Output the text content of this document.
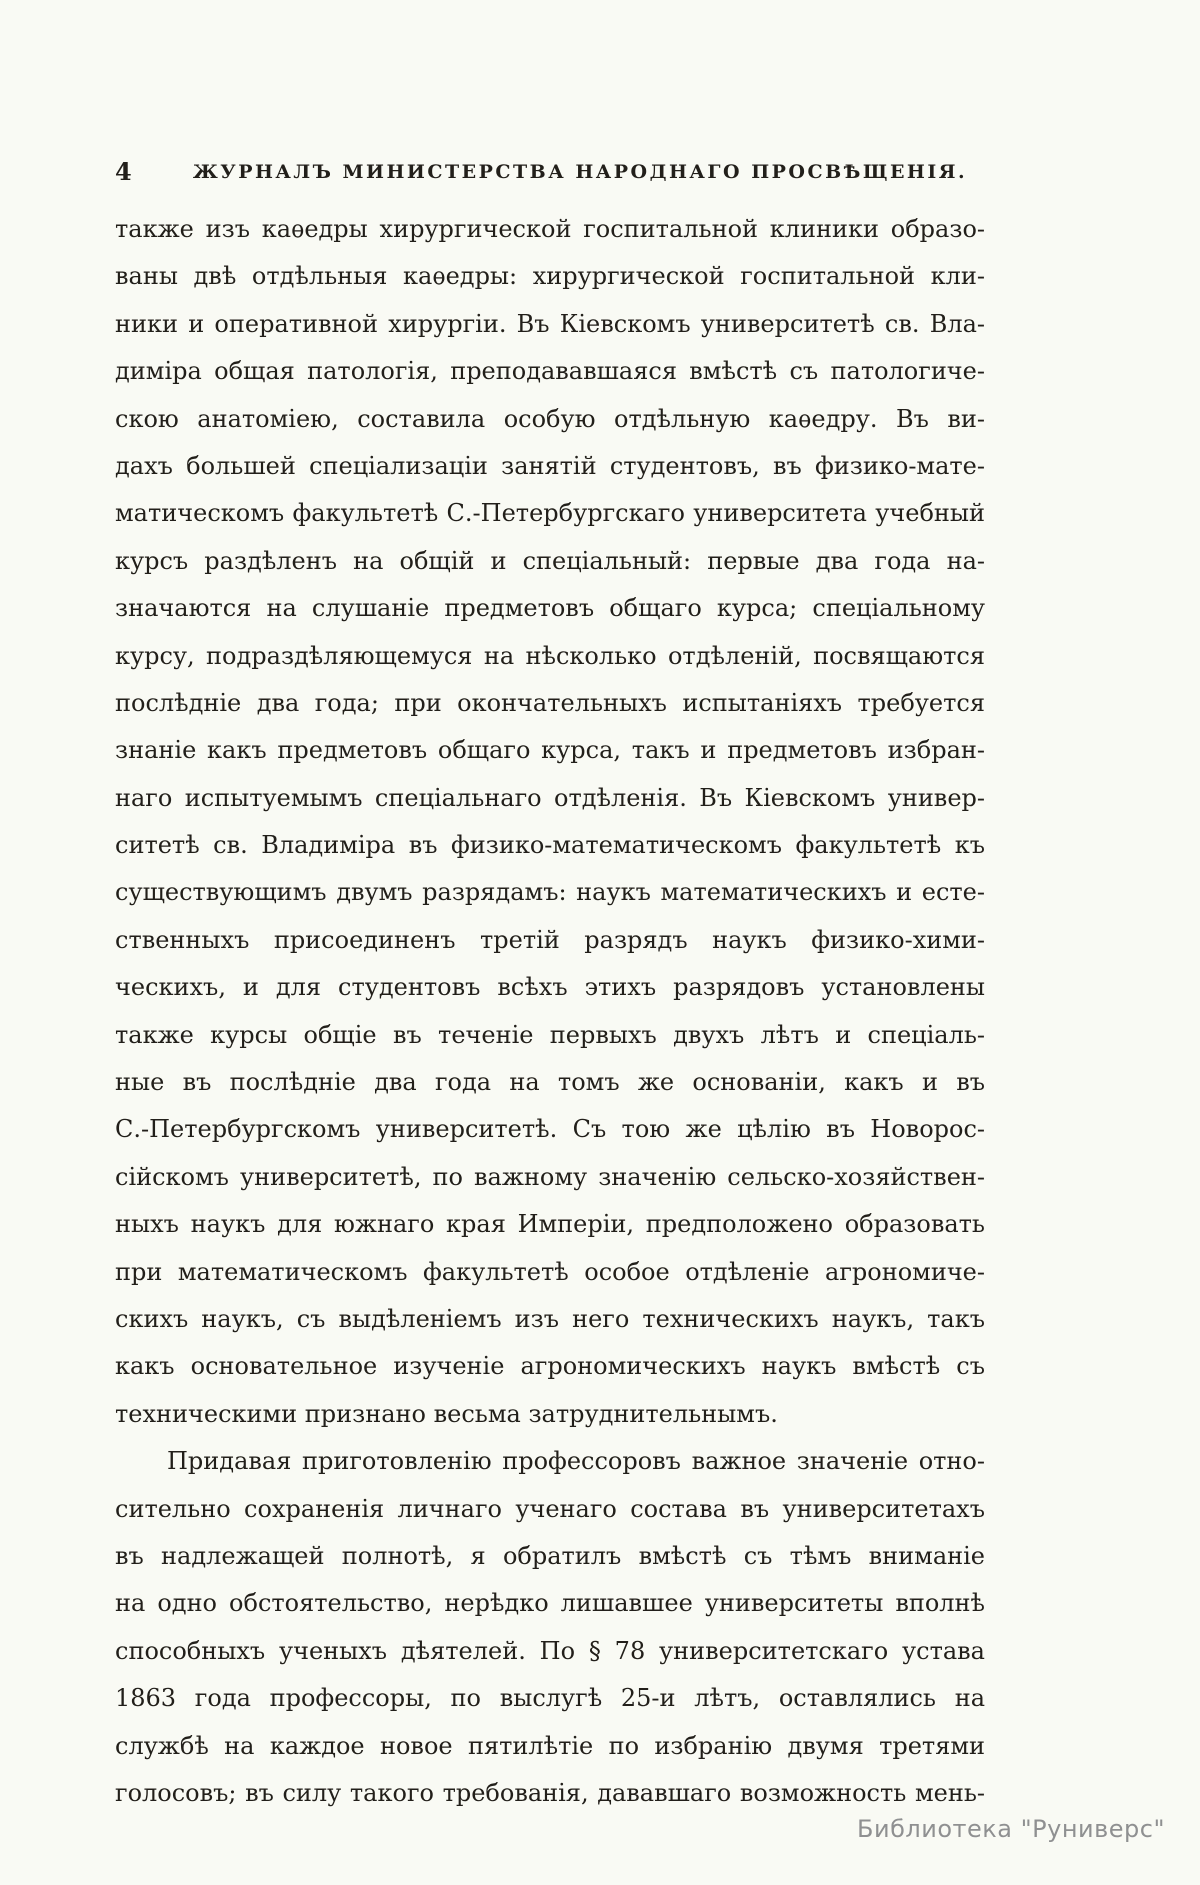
4	ЖУРНАЛЪ МИНИСТЕРСТВА НАРОДНАГО ПРОСВѢЩЕНІЯ.
также изъ каѳедры хирургической госпитальной клиники образо-
ваны двѣ отдѣльныя каѳедры: хирургической госпитальной кли-
ники и оперативной хирургіи. Въ Кіевскомъ университетѣ св. Вла-
диміра общая патологія, преподававшаяся вмѣстѣ съ патологиче-
скою анатоміею, составила особую отдѣльную каѳедру. Въ ви-
дахъ большей спеціализаціи занятій студентовъ, въ физико-мате-
матическомъ факультетѣ С.-Петербургскаго университета учебный
курсъ раздѣленъ на общій и спеціальный: первые два года на-
значаются на слушаніе предметовъ общаго курса; спеціальному
курсу, подраздѣляющемуся на нѣсколько отдѣленій, посвящаются
послѣдніе два года; при окончательныхъ испытаніяхъ требуется
знаніе какъ предметовъ общаго курса, такъ и предметовъ избран-
наго испытуемымъ спеціальнаго отдѣленія. Въ Кіевскомъ универ-
ситетѣ св. Владиміра въ физико-математическомъ факультетѣ къ
существующимъ двумъ разрядамъ: наукъ математическихъ и есте-
ственныхъ присоединенъ третій разрядъ наукъ физико-хими-
ческихъ, и для студентовъ всѣхъ этихъ разрядовъ установлены
также курсы общіе въ теченіе первыхъ двухъ лѣтъ и спеціаль-
ные въ послѣдніе два года на томъ же основаніи, какъ и въ
С.-Петербургскомъ университетѣ. Съ тою же цѣлію въ Новорос-
сійскомъ университетѣ, по важному значенію сельско-хозяйствен-
ныхъ наукъ для южнаго края Имперіи, предположено образовать
при математическомъ факультетѣ особое отдѣленіе агрономиче-
скихъ наукъ, съ выдѣленіемъ изъ него техническихъ наукъ, такъ
какъ основательное изученіе агрономическихъ наукъ вмѣстѣ съ
техническими признано весьма затруднительнымъ.
Придавая приготовленію профессоровъ важное значеніе отно-
сительно сохраненія личнаго ученаго состава въ университетахъ
въ надлежащей полнотѣ, я обратилъ вмѣстѣ съ тѣмъ вниманіе
на одно обстоятельство, нерѣдко лишавшее университеты вполнѣ
способныхъ ученыхъ дѣятелей. По § 78 университетскаго устава
1863 года профессоры, по выслугѣ 25-и лѣтъ, оставлялись на
службѣ на каждое новое пятилѣтіе по избранію двумя третями
голосовъ; въ силу такого требованія, дававшаго возможность мень-
Библиотека "Руниверс"
